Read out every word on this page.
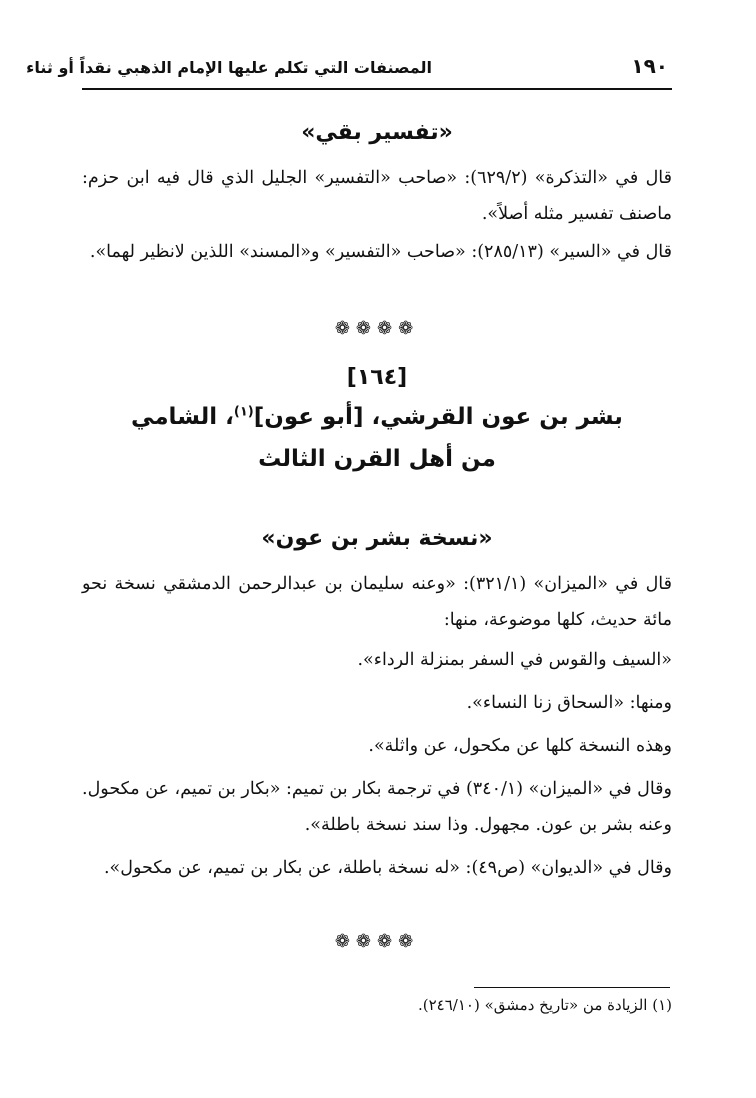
١٩٠
المصنفات التي تكلم عليها الإمام الذهبي نقداً أو ثناء
«تفسير بقي»
قال في «التذكرة» (٦٢٩/٢): «صاحب «التفسير» الجليل الذي قال فيه ابن حزم: ماصنف تفسير مثله أصلاً».
قال في «السير» (٢٨٥/١٣): «صاحب «التفسير» و«المسند» اللذين لانظير لهما».
❁❁❁❁
[١٦٤]
بشر بن عون القرشي، [أبو عون]$^{(١)}$، الشامي
من أهل القرن الثالث
«نسخة بشر بن عون»
قال في «الميزان» (٣٢١/١): «وعنه سليمان بن عبدالرحمن الدمشقي نسخة نحو مائة حديث، كلها موضوعة، منها:
«السيف والقوس في السفر بمنزلة الرداء».
ومنها: «السحاق زنا النساء».
وهذه النسخة كلها عن مكحول، عن واثلة».
وقال في «الميزان» (٣٤٠/١) في ترجمة بكار بن تميم: «بكار بن تميم، عن مكحول. وعنه بشر بن عون. مجهول. وذا سند نسخة باطلة».
وقال في «الديوان» (ص٤٩): «له نسخة باطلة، عن بكار بن تميم، عن مكحول».
❁❁❁❁
(١) الزيادة من «تاريخ دمشق» (٢٤٦/١٠).
